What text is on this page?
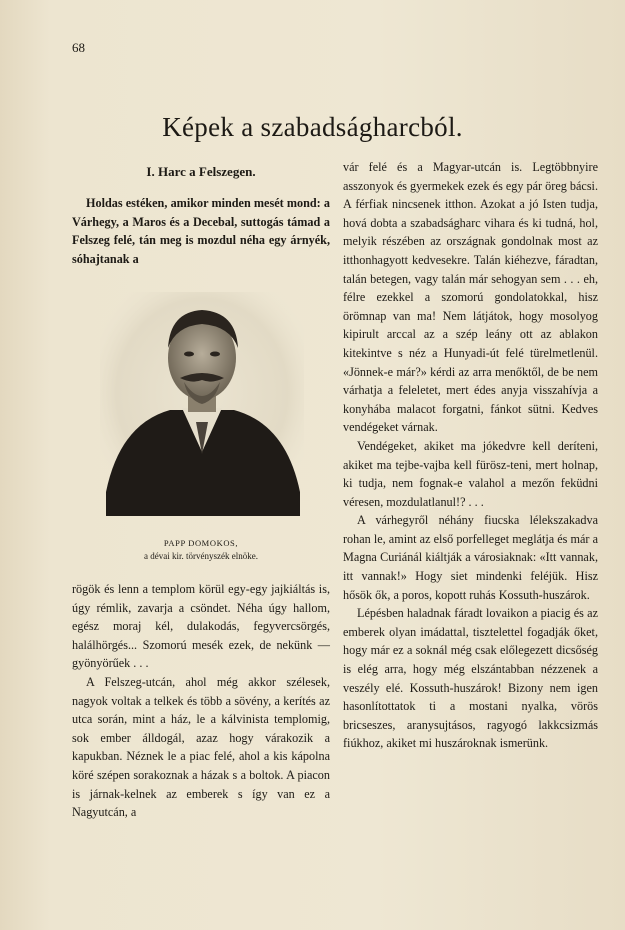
68
Képek a szabadságharcból.
I. Harc a Felszegen.

Holdas estéken, amikor minden mesét mond: a Várhegy, a Maros és a Decebal, suttogás támad a Felszeg felé, tán meg is mozdul néha egy árnyék, sóhajtanak a

PAPP DOMOKOS,
a dévai kir. törvényszék elnöke.

rögök és lenn a templom körül egy-egy jajkiáltás is, úgy rémlik, zavarja a csöndet. Néha úgy hallom, egész moraj kél, dulakodás, fegyvercsörgés, halálhörgés... Szomorú mesék ezek, de nekünk — gyönyörűek . . .

A Felszeg-utcán, ahol még akkor szélesek, nagyok voltak a telkek és több a sövény, a kerítés az utca során, mint a ház, le a kálvinista templomig, sok ember álldogál, azaz hogy várakozik a kapukban. Néznek le a piac felé, ahol a kis kápolna köré szépen sorakoznak a házak s a boltok. A piacon is járnak-kelnek az emberek s így van ez a Nagyutcán, a

vár felé és a Magyar-utcán is. Legtöbbnyire asszonyok és gyermekek ezek és egy pár öreg bácsi. A férfiak nincsenek itthon. Azokat a jó Isten tudja, hová dobta a szabadságharc vihara és ki tudná, hol, melyik részében az országnak gondolnak most az itthonhagyott kedvesekre. Talán kiéhezve, fáradtan, talán betegen, vagy talán már sehogyan sem . . . eh, félre ezekkel a szomorú gondolatokkal, hisz örömnap van ma! Nem látjátok, hogy mosolyog kipirult arccal az a szép leány ott az ablakon kitekintve s néz a Hunyadi-út felé türelmetlenül. «Jönnek-e már?» kérdi az arra menőktől, de be nem várhatja a feleletet, mert édes anyja visszahívja a konyhába malacot forgatni, fánkot sütni. Kedves vendégeket várnak.

Vendégeket, akiket ma jókedvre kell deríteni, akiket ma tejbe-vajba kell fürösz-teni, mert holnap, ki tudja, nem fognak-e valahol a mezőn feküdni véresen, mozdulatlanul!? . . .

A várhegyről néhány fiucska lélekszakadva rohan le, amint az első porfelleget meglátja és már a Magna Curiánál kiáltják a városiaknak: «Itt vannak, itt vannak!» Hogy siet mindenki feléjük. Hisz hősök ők, a poros, kopott ruhás Kossuth-huszárok.

Lépésben haladnak fáradt lovaikon a piacig és az emberek olyan imádattal, tisztelettel fogadják őket, hogy már ez a soknál még csak előlegezett dicsőség is elég arra, hogy még elszántabban nézzenek a veszély elé. Kossuth-huszárok! Bizony nem igen hasonlítottatok ti a mostani nyalka, vörös bricseszes, aranysujtásos, ragyogó lakkcsizmás fiúkhoz, akiket mi huszároknak ismerünk.
